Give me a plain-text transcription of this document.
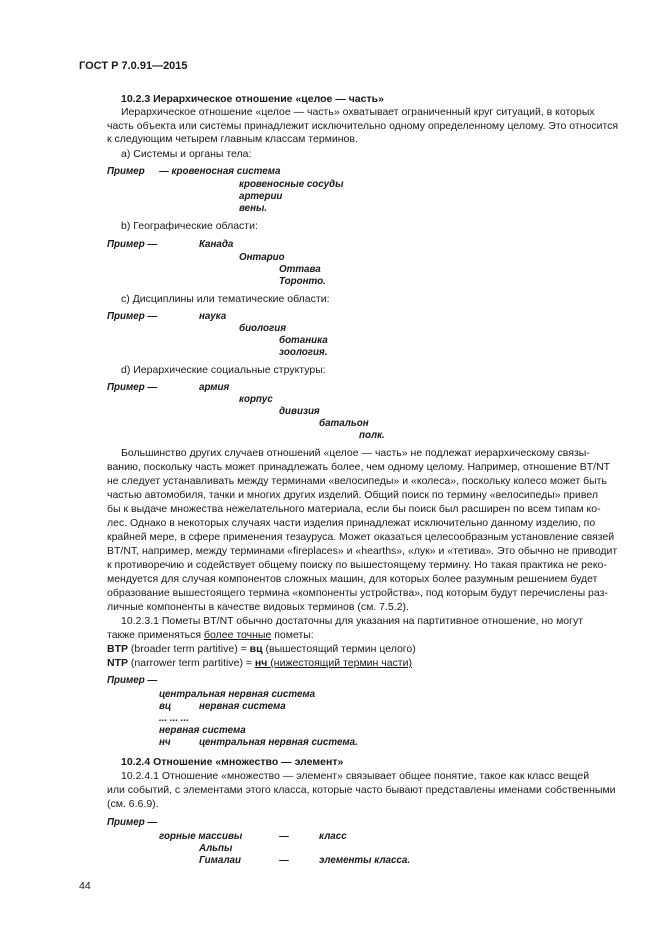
ГОСТ Р 7.0.91—2015
10.2.3 Иерархическое отношение «целое — часть»
Иерархическое отношение «целое — часть» охватывает ограниченный круг ситуаций, в которых
часть объекта или системы принадлежит исключительно одному определенному целому. Это относится
к следующим четырем главным классам терминов.
а) Системы и органы тела:
Пример — кровеносная система
кровеносные сосуды
артерии
вены.
b) Географические области:
Пример —	Канада
Онтарио
Оттава
Торонто.
c) Дисциплины или тематические области:
Пример —	наука
биология
ботаника
зоология.
d) Иерархические социальные структуры:
Пример —	армия
корпус
дивизия
батальон
полк.
Большинство других случаев отношений «целое — часть» не подлежат иерархическому связы-
ванию, поскольку часть может принадлежать более, чем одному целому. Например, отношение BT/NT
не следует устанавливать между терминами «велосипеды» и «колеса», поскольку колесо может быть
частью автомобиля, тачки и многих других изделий. Общий поиск по термину «велосипеды» привел
бы к выдаче множества нежелательного материала, если бы поиск был расширен по всем типам ко-
лес. Однако в некоторых случаях части изделия принадлежат исключительно данному изделию, по
крайней мере, в сфере применения тезауруса. Может оказаться целесообразным установление связей
BT/NT, например, между терминами «fireplaces» и «hearths», «лук» и «тетива». Это обычно не приводит
к противоречию и содействует общему поиску по вышестоящему термину. Но такая практика не реко-
мендуется для случая компонентов сложных машин, для которых более разумным решением будет
образование вышестоящего термина «компоненты устройства», под которым будут перечислены раз-
личные компоненты в качестве видовых терминов (см. 7.5.2).
10.2.3.1 Пометы BT/NT обычно достаточны для указания на партитивное отношение, но могут
также применяться более точные пометы:
BTP (broader term partitive) = вц (вышестоящий термин целого)
NTP (narrower term partitive) = нч (нижестоящий термин части)
Пример —
центральная нервная система
вц	нервная система
... ... ...
нервная система
нч	центральная нервная система.
10.2.4 Отношение «множество — элемент»
10.2.4.1 Отношение «множество — элемент» связывает общее понятие, такое как класс вещей
или событий, с элементами этого класса, которые часто бывают представлены именами собственными
(см. 6.6.9).
Пример —
горные массивы	—	класс
Альпы
Гималаи	—	элементы класса.
44
